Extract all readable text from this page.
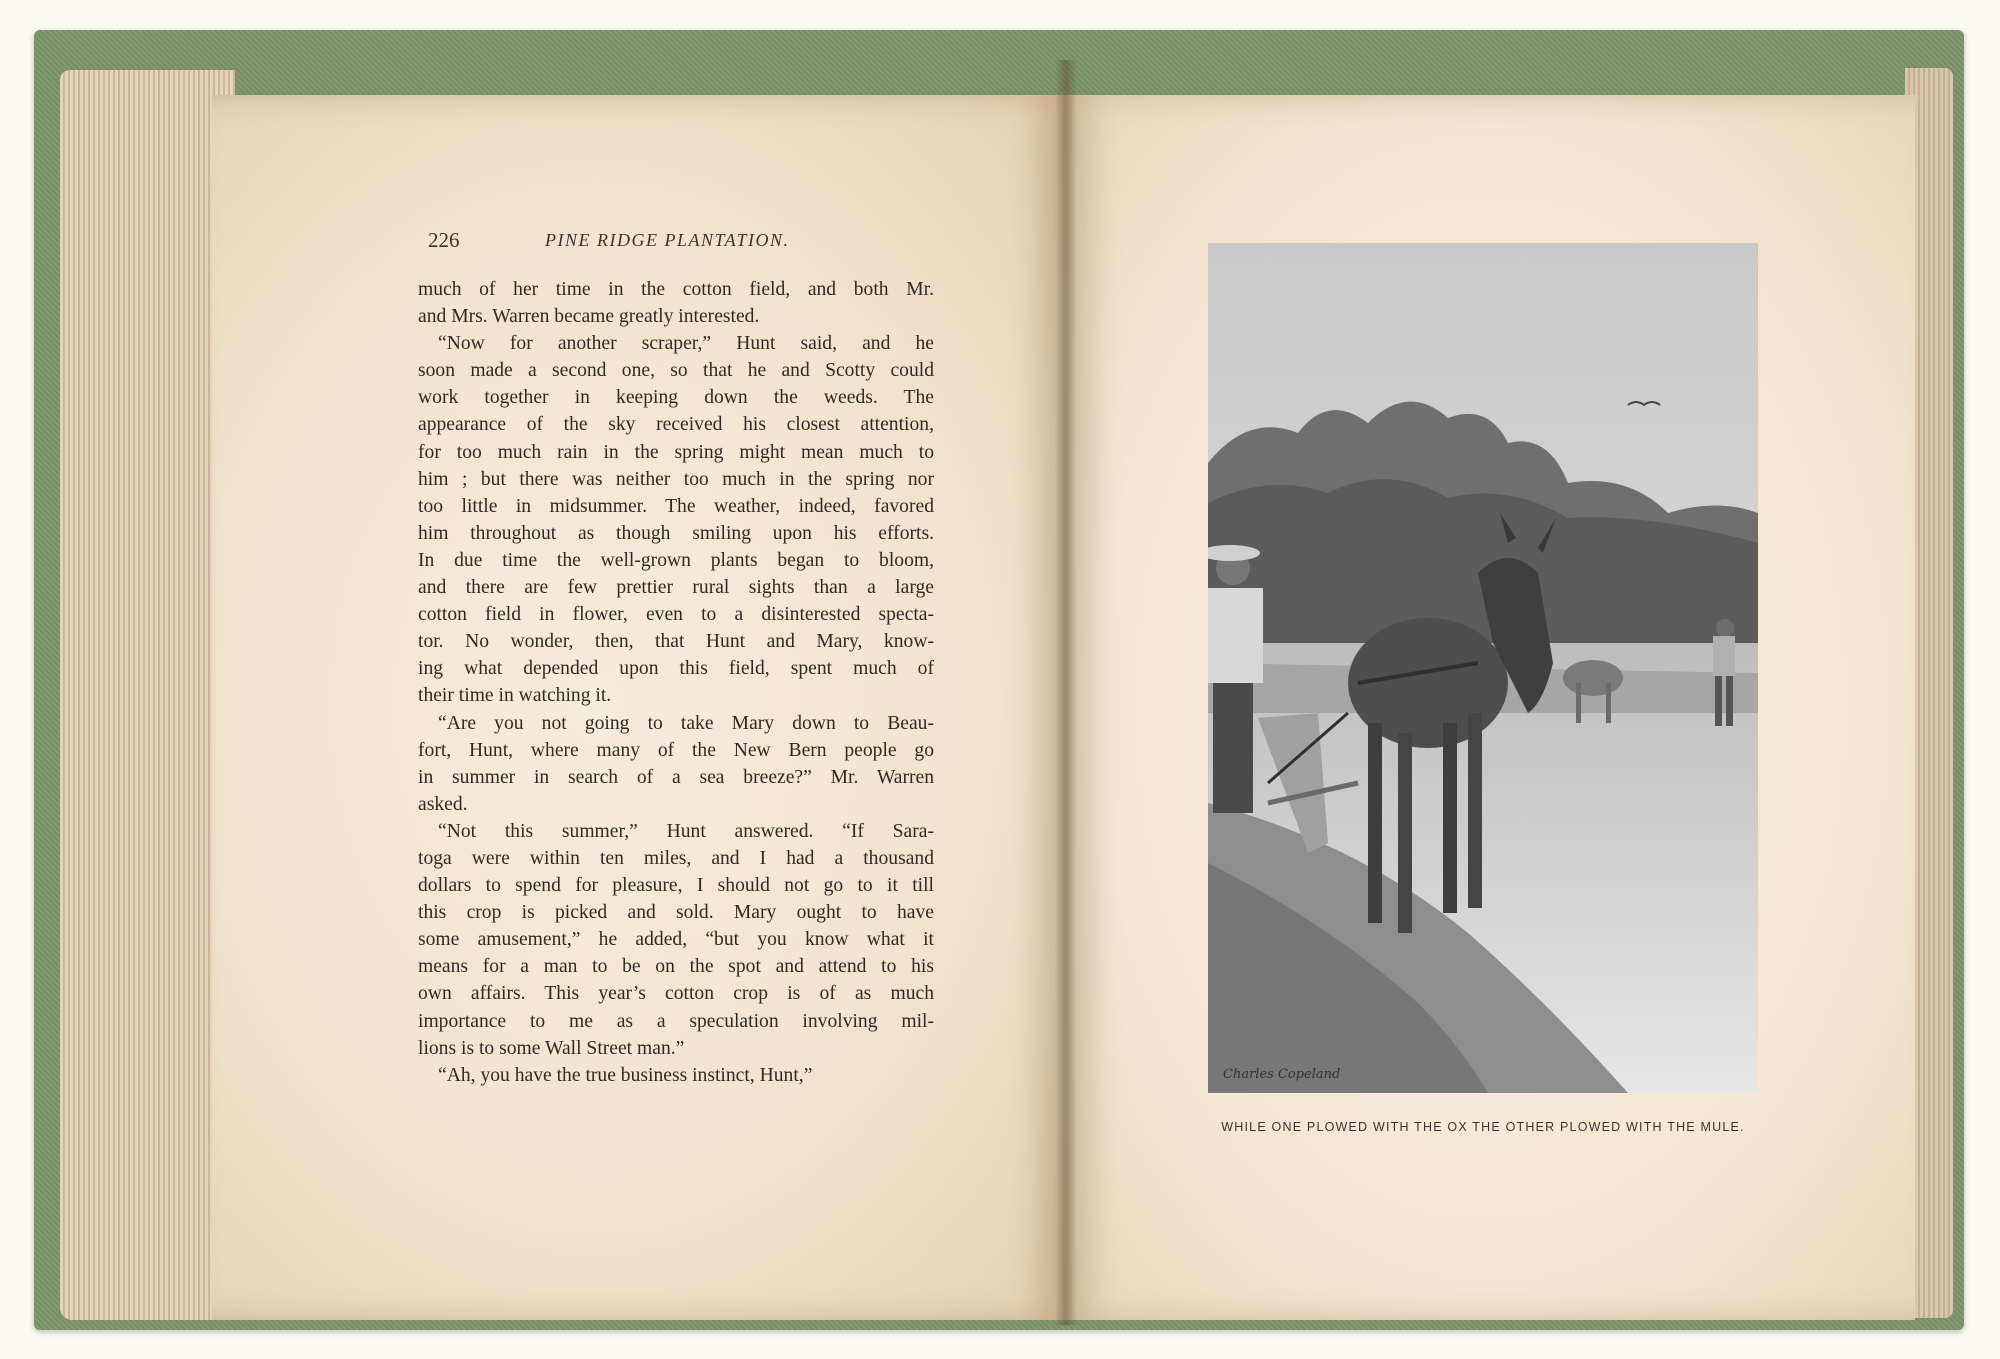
226	PINE RIDGE PLANTATION.
much of her time in the cotton field, and both Mr.
and Mrs. Warren became greatly interested.
“Now for another scraper,” Hunt said, and he
soon made a second one, so that he and Scotty could
work together in keeping down the weeds. The
appearance of the sky received his closest attention,
for too much rain in the spring might mean much to
him ; but there was neither too much in the spring nor
too little in midsummer. The weather, indeed, favored
him throughout as though smiling upon his efforts.
In due time the well-grown plants began to bloom,
and there are few prettier rural sights than a large
cotton field in flower, even to a disinterested specta-
tor. No wonder, then, that Hunt and Mary, know-
ing what depended upon this field, spent much of
their time in watching it.
“Are you not going to take Mary down to Beau-
fort, Hunt, where many of the New Bern people go
in summer in search of a sea breeze?” Mr. Warren
asked.
“Not this summer,” Hunt answered. “If Sara-
toga were within ten miles, and I had a thousand
dollars to spend for pleasure, I should not go to it till
this crop is picked and sold. Mary ought to have
some amusement,” he added, “but you know what it
means for a man to be on the spot and attend to his
own affairs. This year’s cotton crop is of as much
importance to me as a speculation involving mil-
lions is to some Wall Street man.”
“Ah, you have the true business instinct, Hunt,”	Charles Copeland
WHILE ONE PLOWED WITH THE OX THE OTHER PLOWED WITH THE MULE.
